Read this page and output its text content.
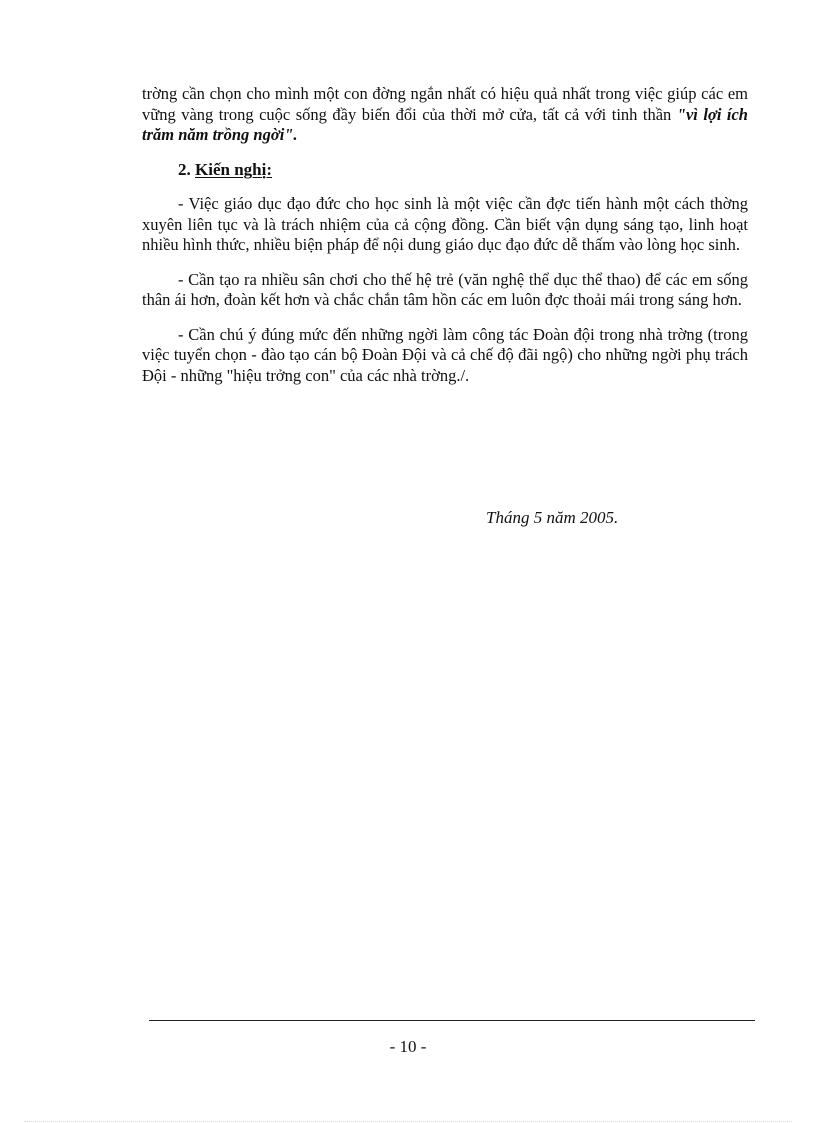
trờng cần chọn cho mình một con đờng ngắn nhất có hiệu quả nhất trong việc giúp các em vững vàng trong cuộc sống đầy biến đổi của thời mở cửa, tất cả với tinh thần "vì lợi ích trăm năm trồng ngời".

2. Kiến nghị:

- Việc giáo dục đạo đức cho học sinh là một việc cần đợc tiến hành một cách thờng xuyên liên tục và là trách nhiệm của cả cộng đồng. Cần biết vận dụng sáng tạo, linh hoạt nhiều hình thức, nhiều biện pháp để nội dung giáo dục đạo đức dễ thấm vào lòng học sinh.

- Cần tạo ra nhiều sân chơi cho thế hệ trẻ (văn nghệ thể dục thể thao) để các em sống thân ái hơn, đoàn kết hơn và chắc chắn tâm hồn các em luôn đợc thoải mái trong sáng hơn.

- Cần chú ý đúng mức đến những ngời làm công tác Đoàn đội trong nhà trờng (trong việc tuyển chọn - đào tạo cán bộ Đoàn Đội và cả chế độ đãi ngộ) cho những ngời phụ trách Đội - những "hiệu trởng con" của các nhà trờng./.

Tháng 5 năm 2005.
- 10 -
